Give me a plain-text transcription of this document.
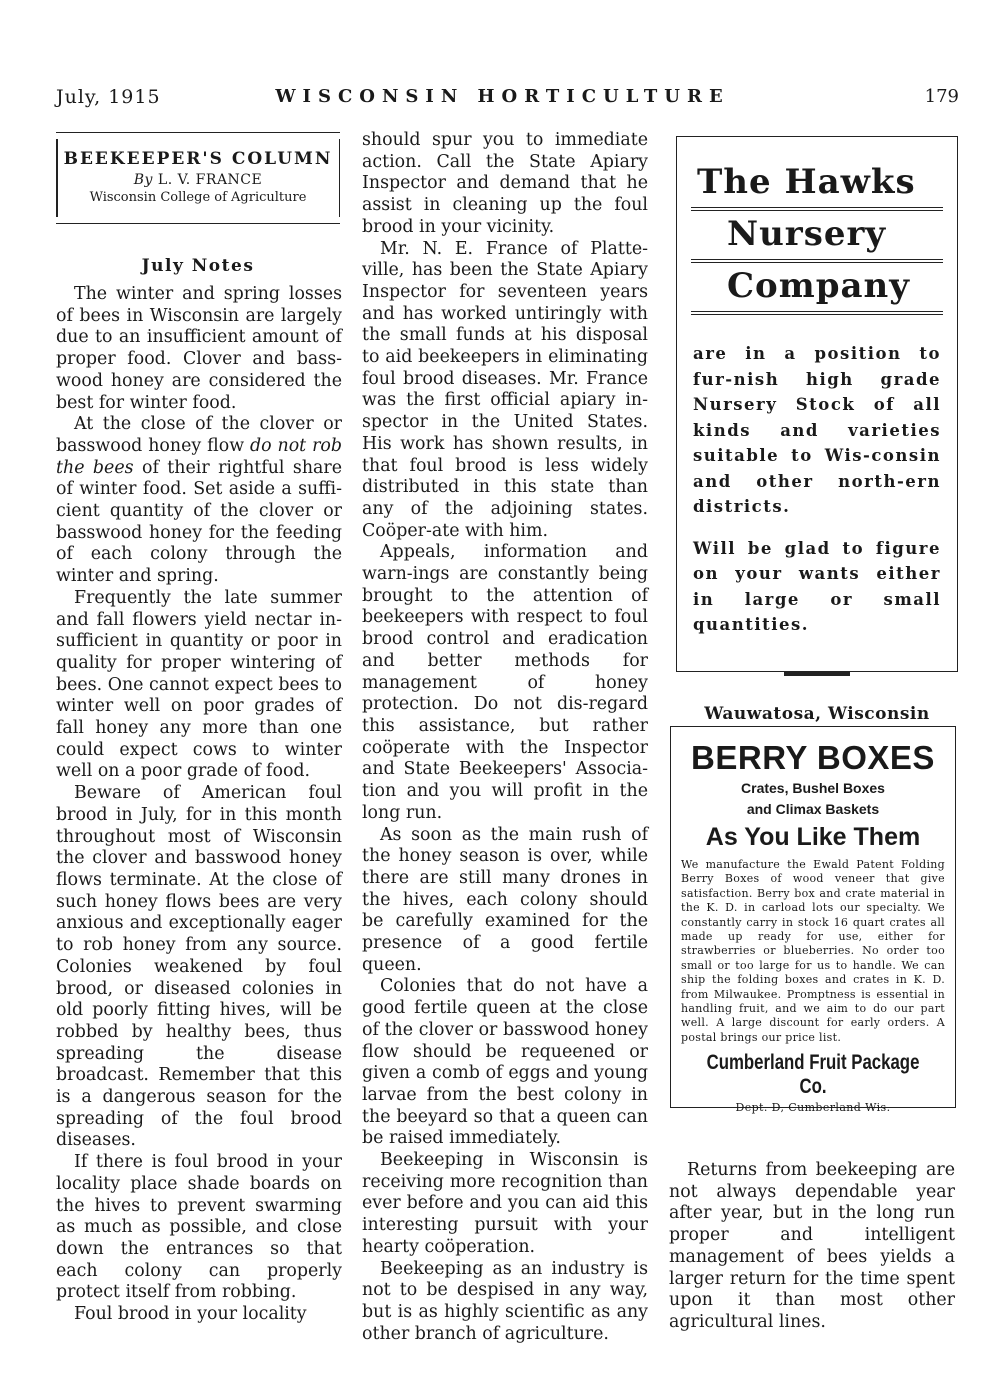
July, 1915	WISCONSIN HORTICULTURE	179
BEEKEEPER'S COLUMN
By L. V. FRANCE
Wisconsin College of Agriculture
July Notes

The winter and spring losses of bees in Wisconsin are largely due to an insufficient amount of proper food. Clover and bass-wood honey are considered the best for winter food.

At the close of the clover or basswood honey flow do not rob the bees of their rightful share of winter food. Set aside a suffi-cient quantity of the clover or basswood honey for the feeding of each colony through the winter and spring.

Frequently the late summer and fall flowers yield nectar in-sufficient in quantity or poor in quality for proper wintering of bees. One cannot expect bees to winter well on poor grades of fall honey any more than one could expect cows to winter well on a poor grade of food.

Beware of American foul brood in July, for in this month throughout most of Wisconsin the clover and basswood honey flows terminate. At the close of such honey flows bees are very anxious and exceptionally eager to rob honey from any source. Colonies weakened by foul brood, or diseased colonies in old poorly fitting hives, will be robbed by healthy bees, thus spreading the disease broadcast. Remember that this is a dangerous season for the spreading of the foul brood diseases.

If there is foul brood in your locality place shade boards on the hives to prevent swarming as much as possible, and close down the entrances so that each colony can properly protect itself from robbing.

Foul brood in your locality

should spur you to immediate action. Call the State Apiary Inspector and demand that he assist in cleaning up the foul brood in your vicinity.

Mr. N. E. France of Platte-ville, has been the State Apiary Inspector for seventeen years and has worked untiringly with the small funds at his disposal to aid beekeepers in eliminating foul brood diseases. Mr. France was the first official apiary in-spector in the United States. His work has shown results, in that foul brood is less widely distributed in this state than any of the adjoining states. Coöper-ate with him.

Appeals, information and warn-ings are constantly being brought to the attention of beekeepers with respect to foul brood control and eradication and better methods for management of honey protection. Do not dis-regard this assistance, but rather coöperate with the Inspector and State Beekeepers' Associa-tion and you will profit in the long run.

As soon as the main rush of the honey season is over, while there are still many drones in the hives, each colony should be carefully examined for the presence of a good fertile queen.

Colonies that do not have a good fertile queen at the close of the clover or basswood honey flow should be requeened or given a comb of eggs and young larvae from the best colony in the beeyard so that a queen can be raised immediately.

Beekeeping in Wisconsin is receiving more recognition than ever before and you can aid this interesting pursuit with your hearty coöperation.

Beekeeping as an industry is not to be despised in any way, but is as highly scientific as any other branch of agriculture.

The Hawks
Nursery
Company
are in a position to fur-nish high grade Nursery Stock of all kinds and varieties suitable to Wis-consin and other north-ern districts.
Will be glad to figure on your wants either in large or small quantities.
Wauwatosa, Wisconsin
BERRY BOXES
Crates, Bushel Boxes
and Climax Baskets
As You Like Them
We manufacture the Ewald Patent Folding Berry Boxes of wood veneer that give satisfaction. Berry box and crate material in the K. D. in carload lots our specialty. We constantly carry in stock 16 quart crates all made up ready for use, either for strawberries or blueberries. No order too small or too large for us to handle. We can ship the folding boxes and crates in K. D. from Milwaukee. Promptness is essential in handling fruit, and we aim to do our part well. A large discount for early orders. A postal brings our price list.
Cumberland Fruit Package Co.
Dept. D, Cumberland Wis.

Returns from beekeeping are not always dependable year after year, but in the long run proper and intelligent management of bees yields a larger return for the time spent upon it than most other agricultural lines.
